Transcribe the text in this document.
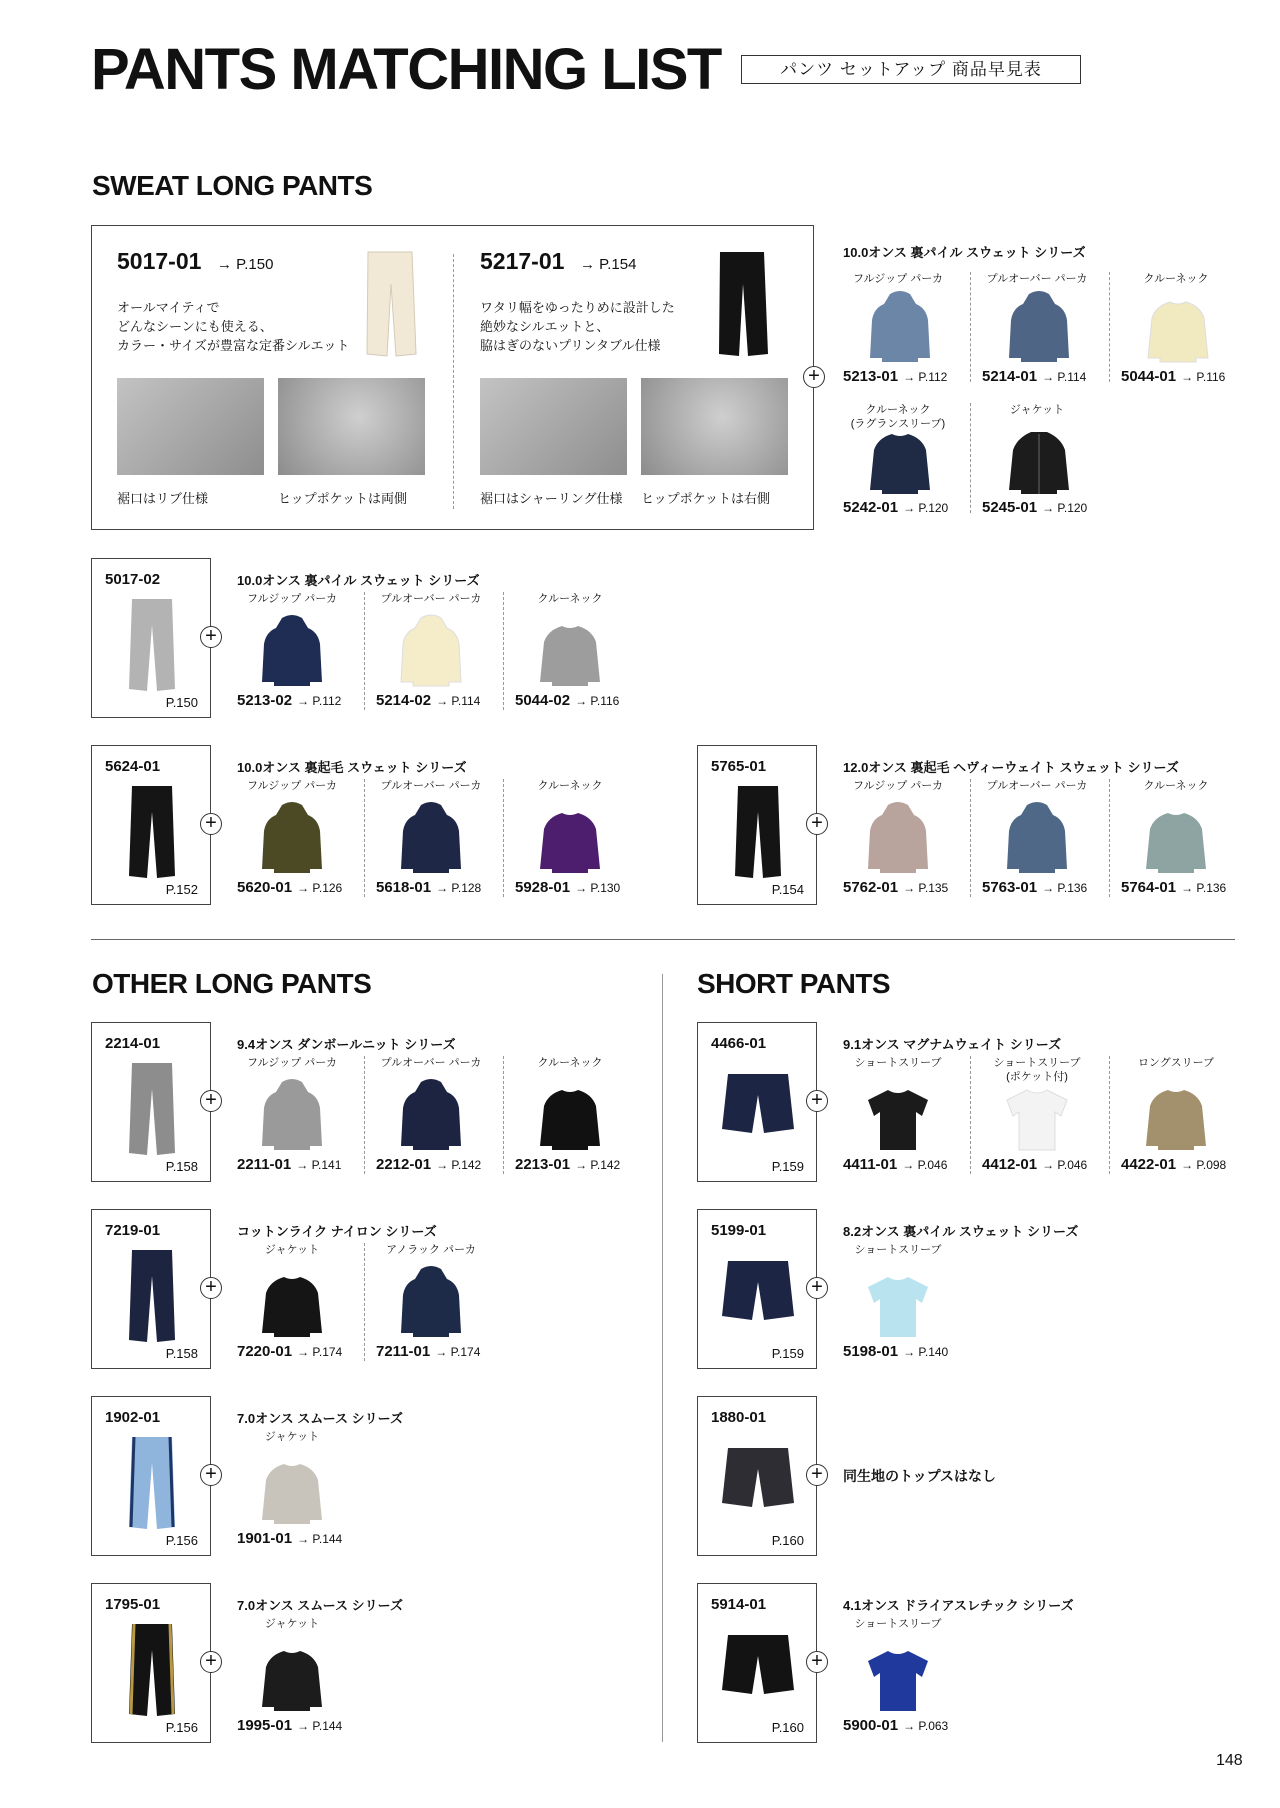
PANTS MATCHING LIST	パンツ セットアップ 商品早見表
SWEAT LONG PANTS
5017-01 → P.150
オールマイティで
どんなシーンにも使える、
カラー・サイズが豊富な定番シルエット
裾口はリブ仕様	ヒップポケットは両側
5217-01 → P.154
ワタリ幅をゆったりめに設計した
絶妙なシルエットと、
脇はぎのないプリンタブル仕様
裾口はシャーリング仕様 ヒップポケットは右側
+
10.0オンス 裏パイル スウェット シリーズ
フルジップ パーカ	プルオーバー パーカ	クルーネック
5213-01 → P.112 5214-01 → P.114 5044-01 → P.116
クルーネック
(ラグランスリーブ)
ジャケット
5242-01 → P.120 5245-01 → P.120
5017-02
P.150
+
10.0オンス 裏パイル スウェット シリーズ
フルジップ パーカ
5213-02 → P.112
プルオーバー パーカ
5214-02 → P.114
クルーネック
5044-02 → P.116
5624-01
P.152
+
10.0オンス 裏起毛 スウェット シリーズ
フルジップ パーカ
5620-01 → P.126
プルオーバー パーカ
5618-01 → P.128
クルーネック
5928-01 → P.130
5765-01
P.154
+
12.0オンス 裏起毛 ヘヴィーウェイト スウェット シリーズ
フルジップ パーカ
5762-01 → P.135
プルオーバー パーカ
5763-01 → P.136
クルーネック
5764-01 → P.136
2214-01
P.158
+
9.4オンス ダンボールニット シリーズ
フルジップ パーカ
2211-01 → P.141
プルオーバー パーカ
2212-01 → P.142
クルーネック
2213-01 → P.142
7219-01
P.158
+
コットンライク ナイロン シリーズ
ジャケット
7220-01 → P.174
アノラック パーカ
7211-01 → P.174
1902-01
P.156
+
7.0オンス スムース シリーズ
ジャケット
1901-01 → P.144
1795-01
P.156
+
7.0オンス スムース シリーズ
ジャケット
1995-01 → P.144
4466-01
P.159
+
9.1オンス マグナムウェイト シリーズ
ショートスリーブ
4411-01 → P.046
ショートスリーブ
(ポケット付)
4412-01 → P.046
ロングスリーブ
4422-01 → P.098
5199-01
P.159
+
8.2オンス 裏パイル スウェット シリーズ
ショートスリーブ
5198-01 → P.140
1880-01
P.160
+	同生地のトップスはなし
5914-01
P.160
+
4.1オンス ドライアスレチック シリーズ
ショートスリーブ
5900-01 → P.063
OTHER LONG PANTS	SHORT PANTS
148
